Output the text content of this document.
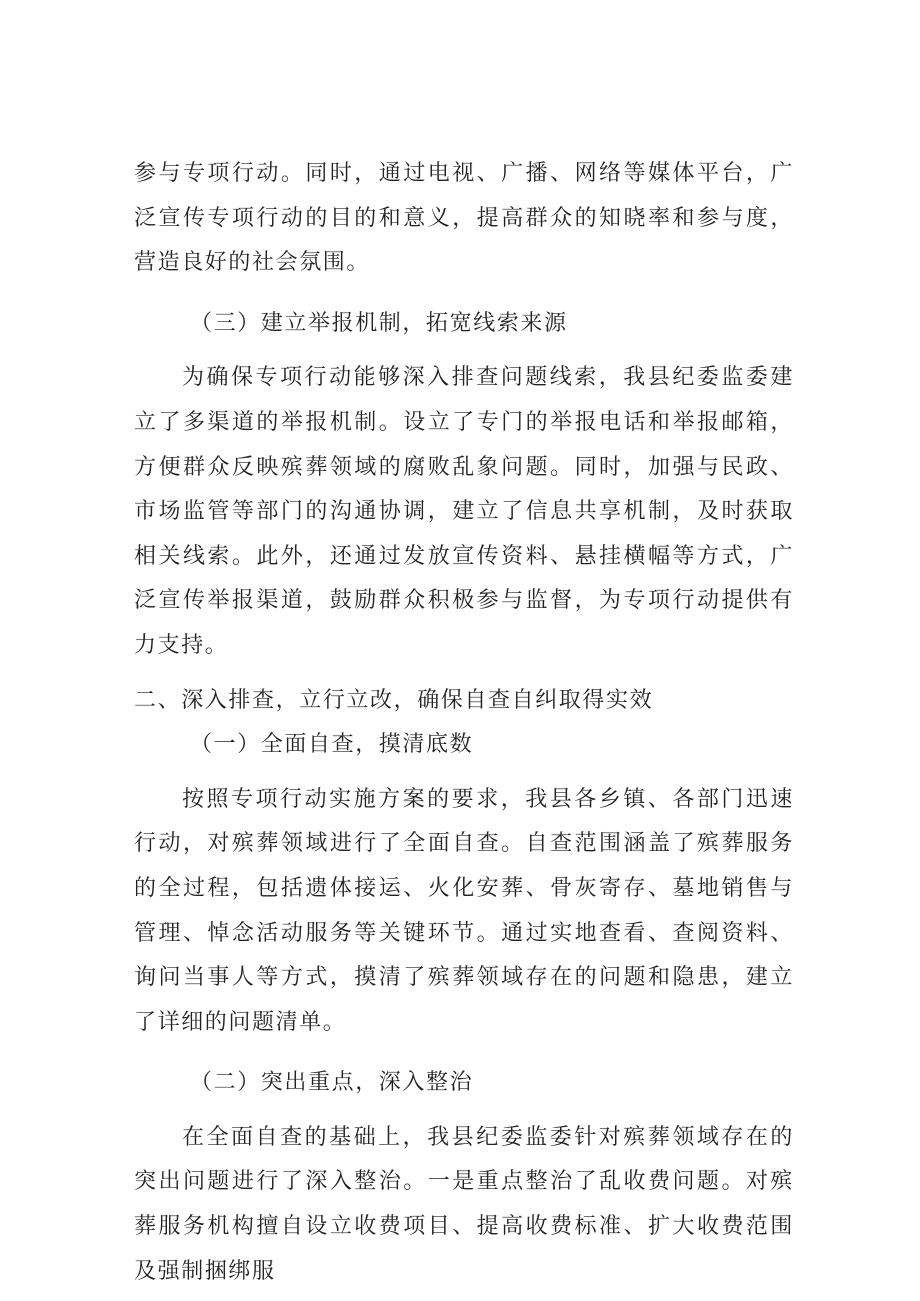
参与专项行动。同时，通过电视、广播、网络等媒体平台，广泛宣传专项行动的目的和意义，提高群众的知晓率和参与度，营造良好的社会氛围。

（三）建立举报机制，拓宽线索来源

为确保专项行动能够深入排查问题线索，我县纪委监委建立了多渠道的举报机制。设立了专门的举报电话和举报邮箱，方便群众反映殡葬领域的腐败乱象问题。同时，加强与民政、市场监管等部门的沟通协调，建立了信息共享机制，及时获取相关线索。此外，还通过发放宣传资料、悬挂横幅等方式，广泛宣传举报渠道，鼓励群众积极参与监督，为专项行动提供有力支持。

二、深入排查，立行立改，确保自查自纠取得实效

（一）全面自查，摸清底数

按照专项行动实施方案的要求，我县各乡镇、各部门迅速行动，对殡葬领域进行了全面自查。自查范围涵盖了殡葬服务的全过程，包括遗体接运、火化安葬、骨灰寄存、墓地销售与管理、悼念活动服务等关键环节。通过实地查看、查阅资料、询问当事人等方式，摸清了殡葬领域存在的问题和隐患，建立了详细的问题清单。

（二）突出重点，深入整治

在全面自查的基础上，我县纪委监委针对殡葬领域存在的突出问题进行了深入整治。一是重点整治了乱收费问题。对殡葬服务机构擅自设立收费项目、提高收费标准、扩大收费范围及强制捆绑服
